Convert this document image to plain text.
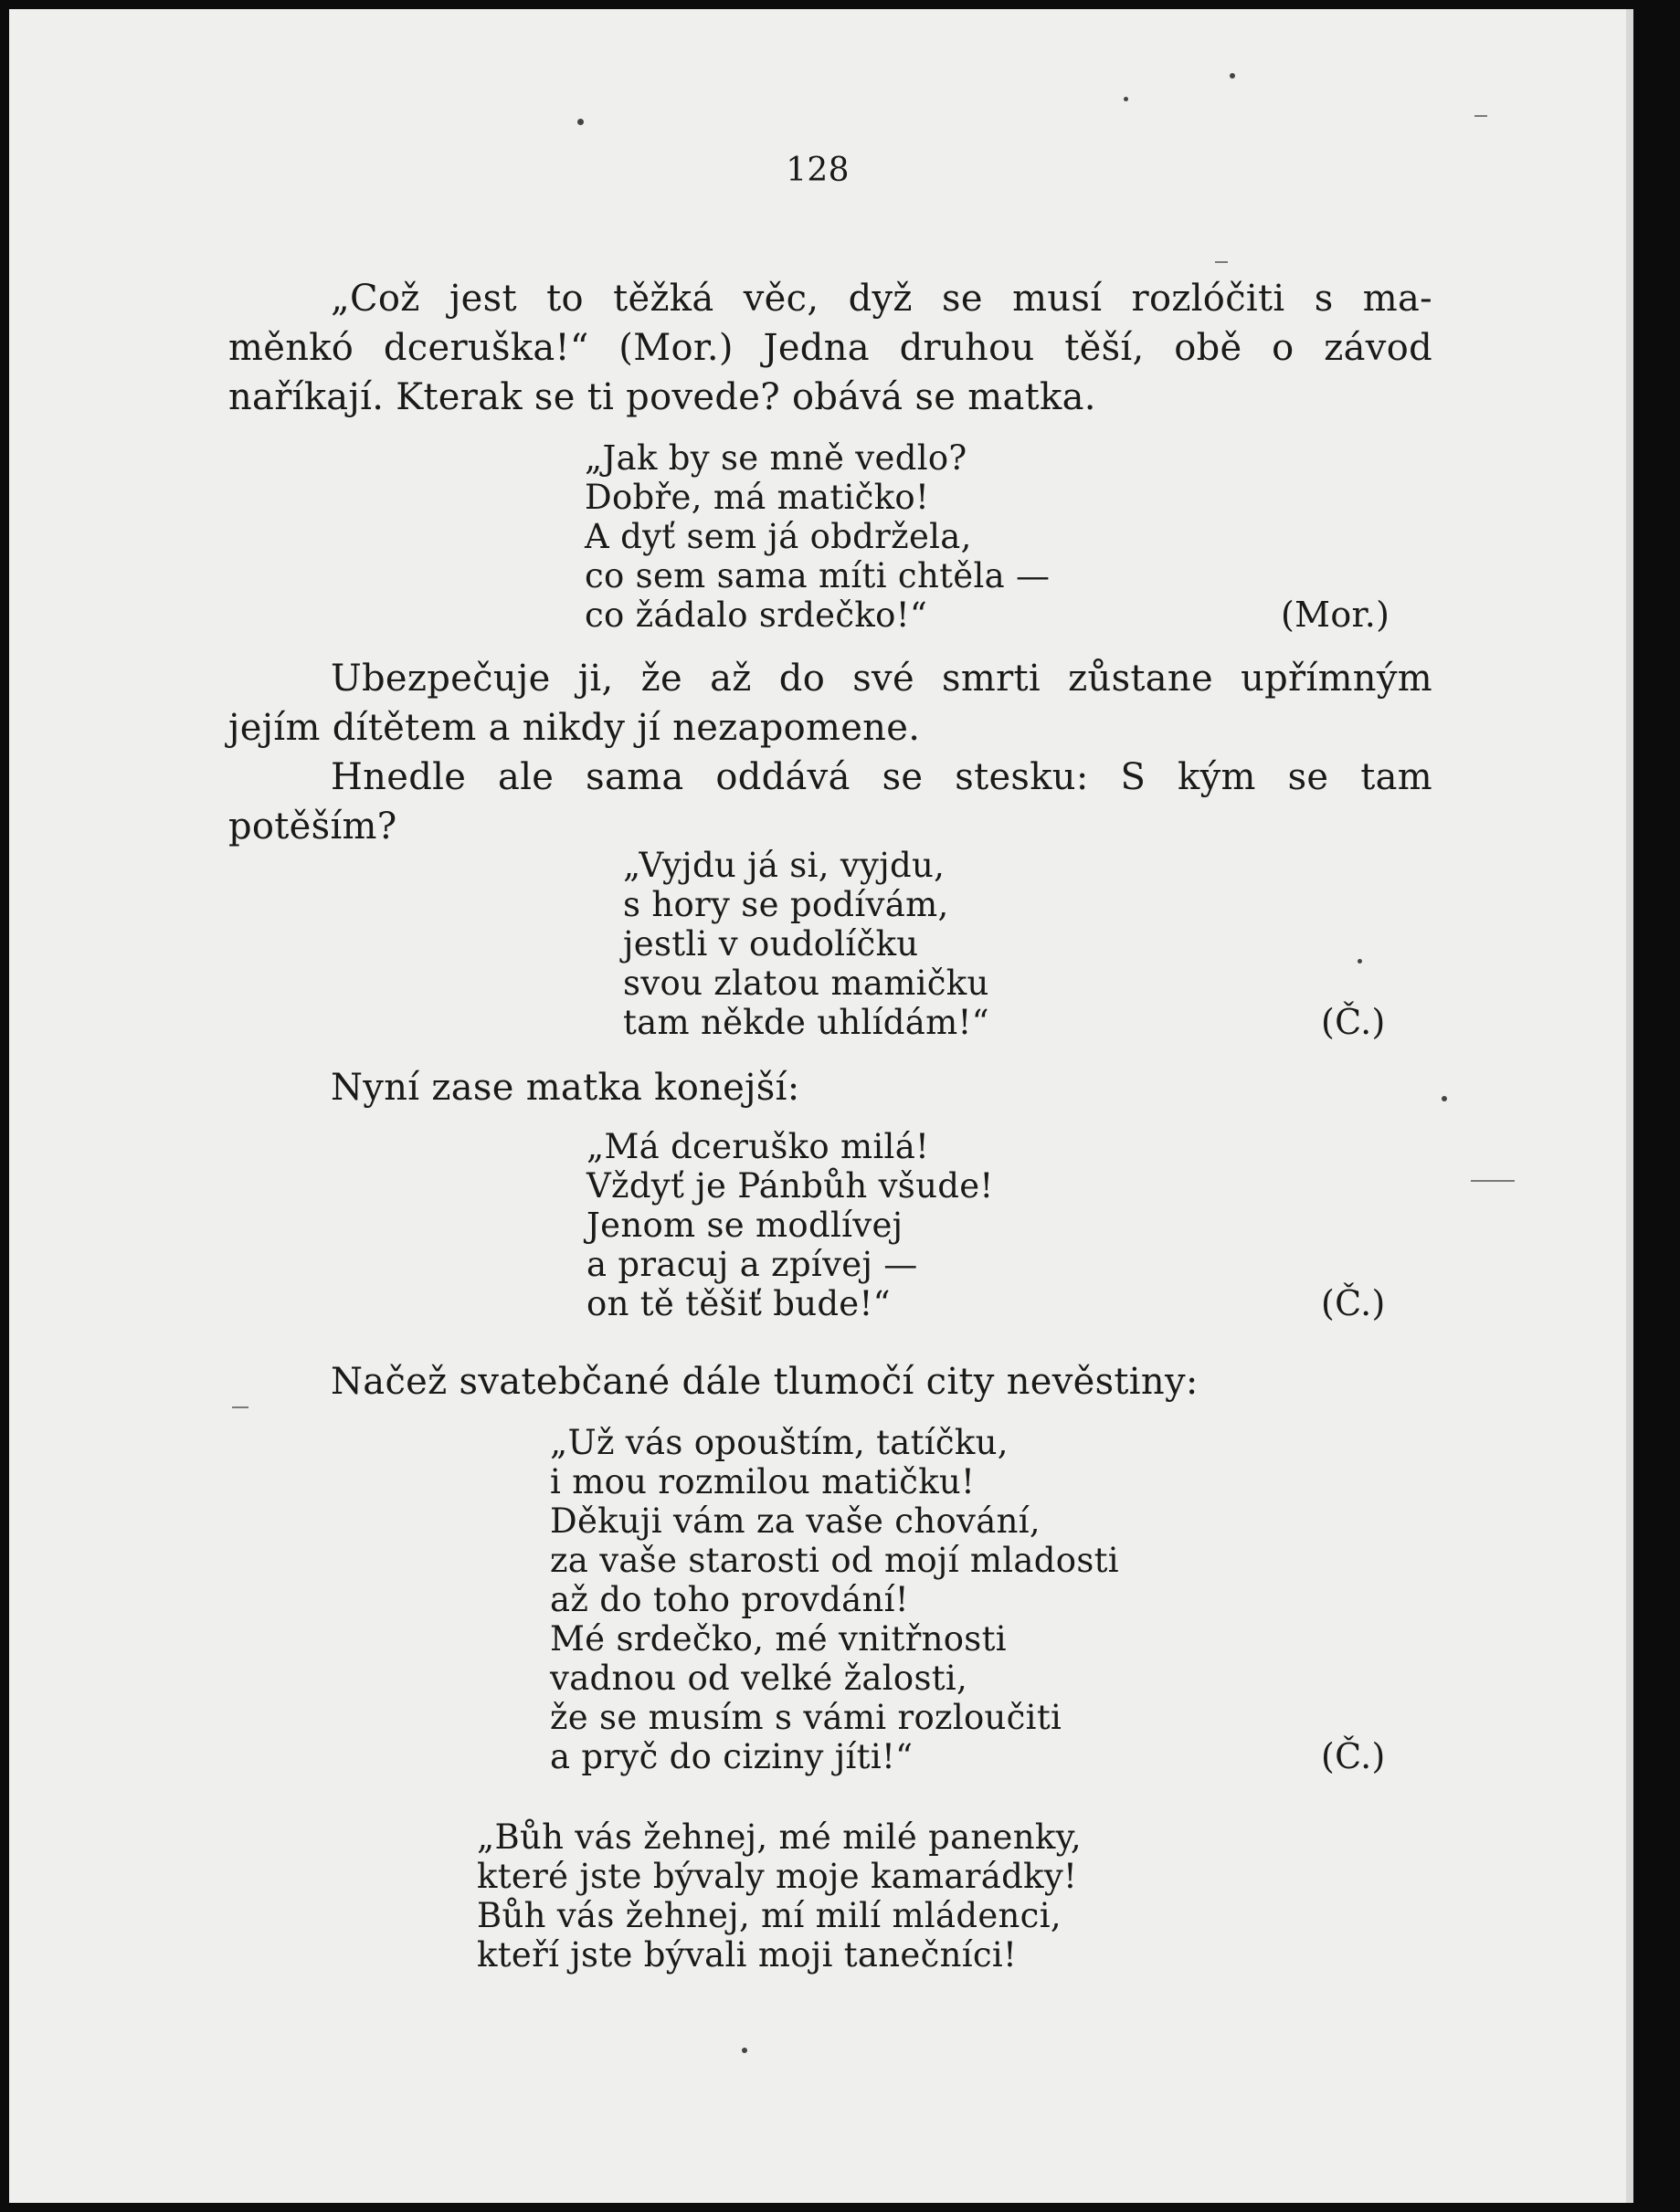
128
„Což jest to těžká věc, dyž se musí rozlóčiti s ma-
měnkó dceruška!“ (Mor.) Jedna druhou těší, obě o závod
naříkají. Kterak se ti povede? obává se matka.
„Jak by se mně vedlo?
Dobře, má matičko!
A dyť sem já obdržela,
co sem sama míti chtěla —
co žádalo srdečko!“	(Mor.)
Ubezpečuje ji, že až do své smrti zůstane upřímným
jejím dítětem a nikdy jí nezapomene.
Hnedle ale sama oddává se stesku: S kým se tam
potěším?
„Vyjdu já si, vyjdu,
s hory se podívám,
jestli v oudolíčku
svou zlatou mamičku
tam někde uhlídám!“	(Č.)
Nyní zase matka konejší:
„Má dceruško milá!
Vždyť je Pánbůh všude!
Jenom se modlívej
a pracuj a zpívej —
on tě těšiť bude!“	(Č.)
Načež svatebčané dále tlumočí city nevěstiny:
„Už vás opouštím, tatíčku,
i mou rozmilou matičku!
Děkuji vám za vaše chování,
za vaše starosti od mojí mladosti
až do toho provdání!
Mé srdečko, mé vnitřnosti
vadnou od velké žalosti,
že se musím s vámi rozloučiti
a pryč do ciziny jíti!“	(Č.)
„Bůh vás žehnej, mé milé panenky,
které jste bývaly moje kamarádky!
Bůh vás žehnej, mí milí mládenci,
kteří jste bývali moji tanečníci!
